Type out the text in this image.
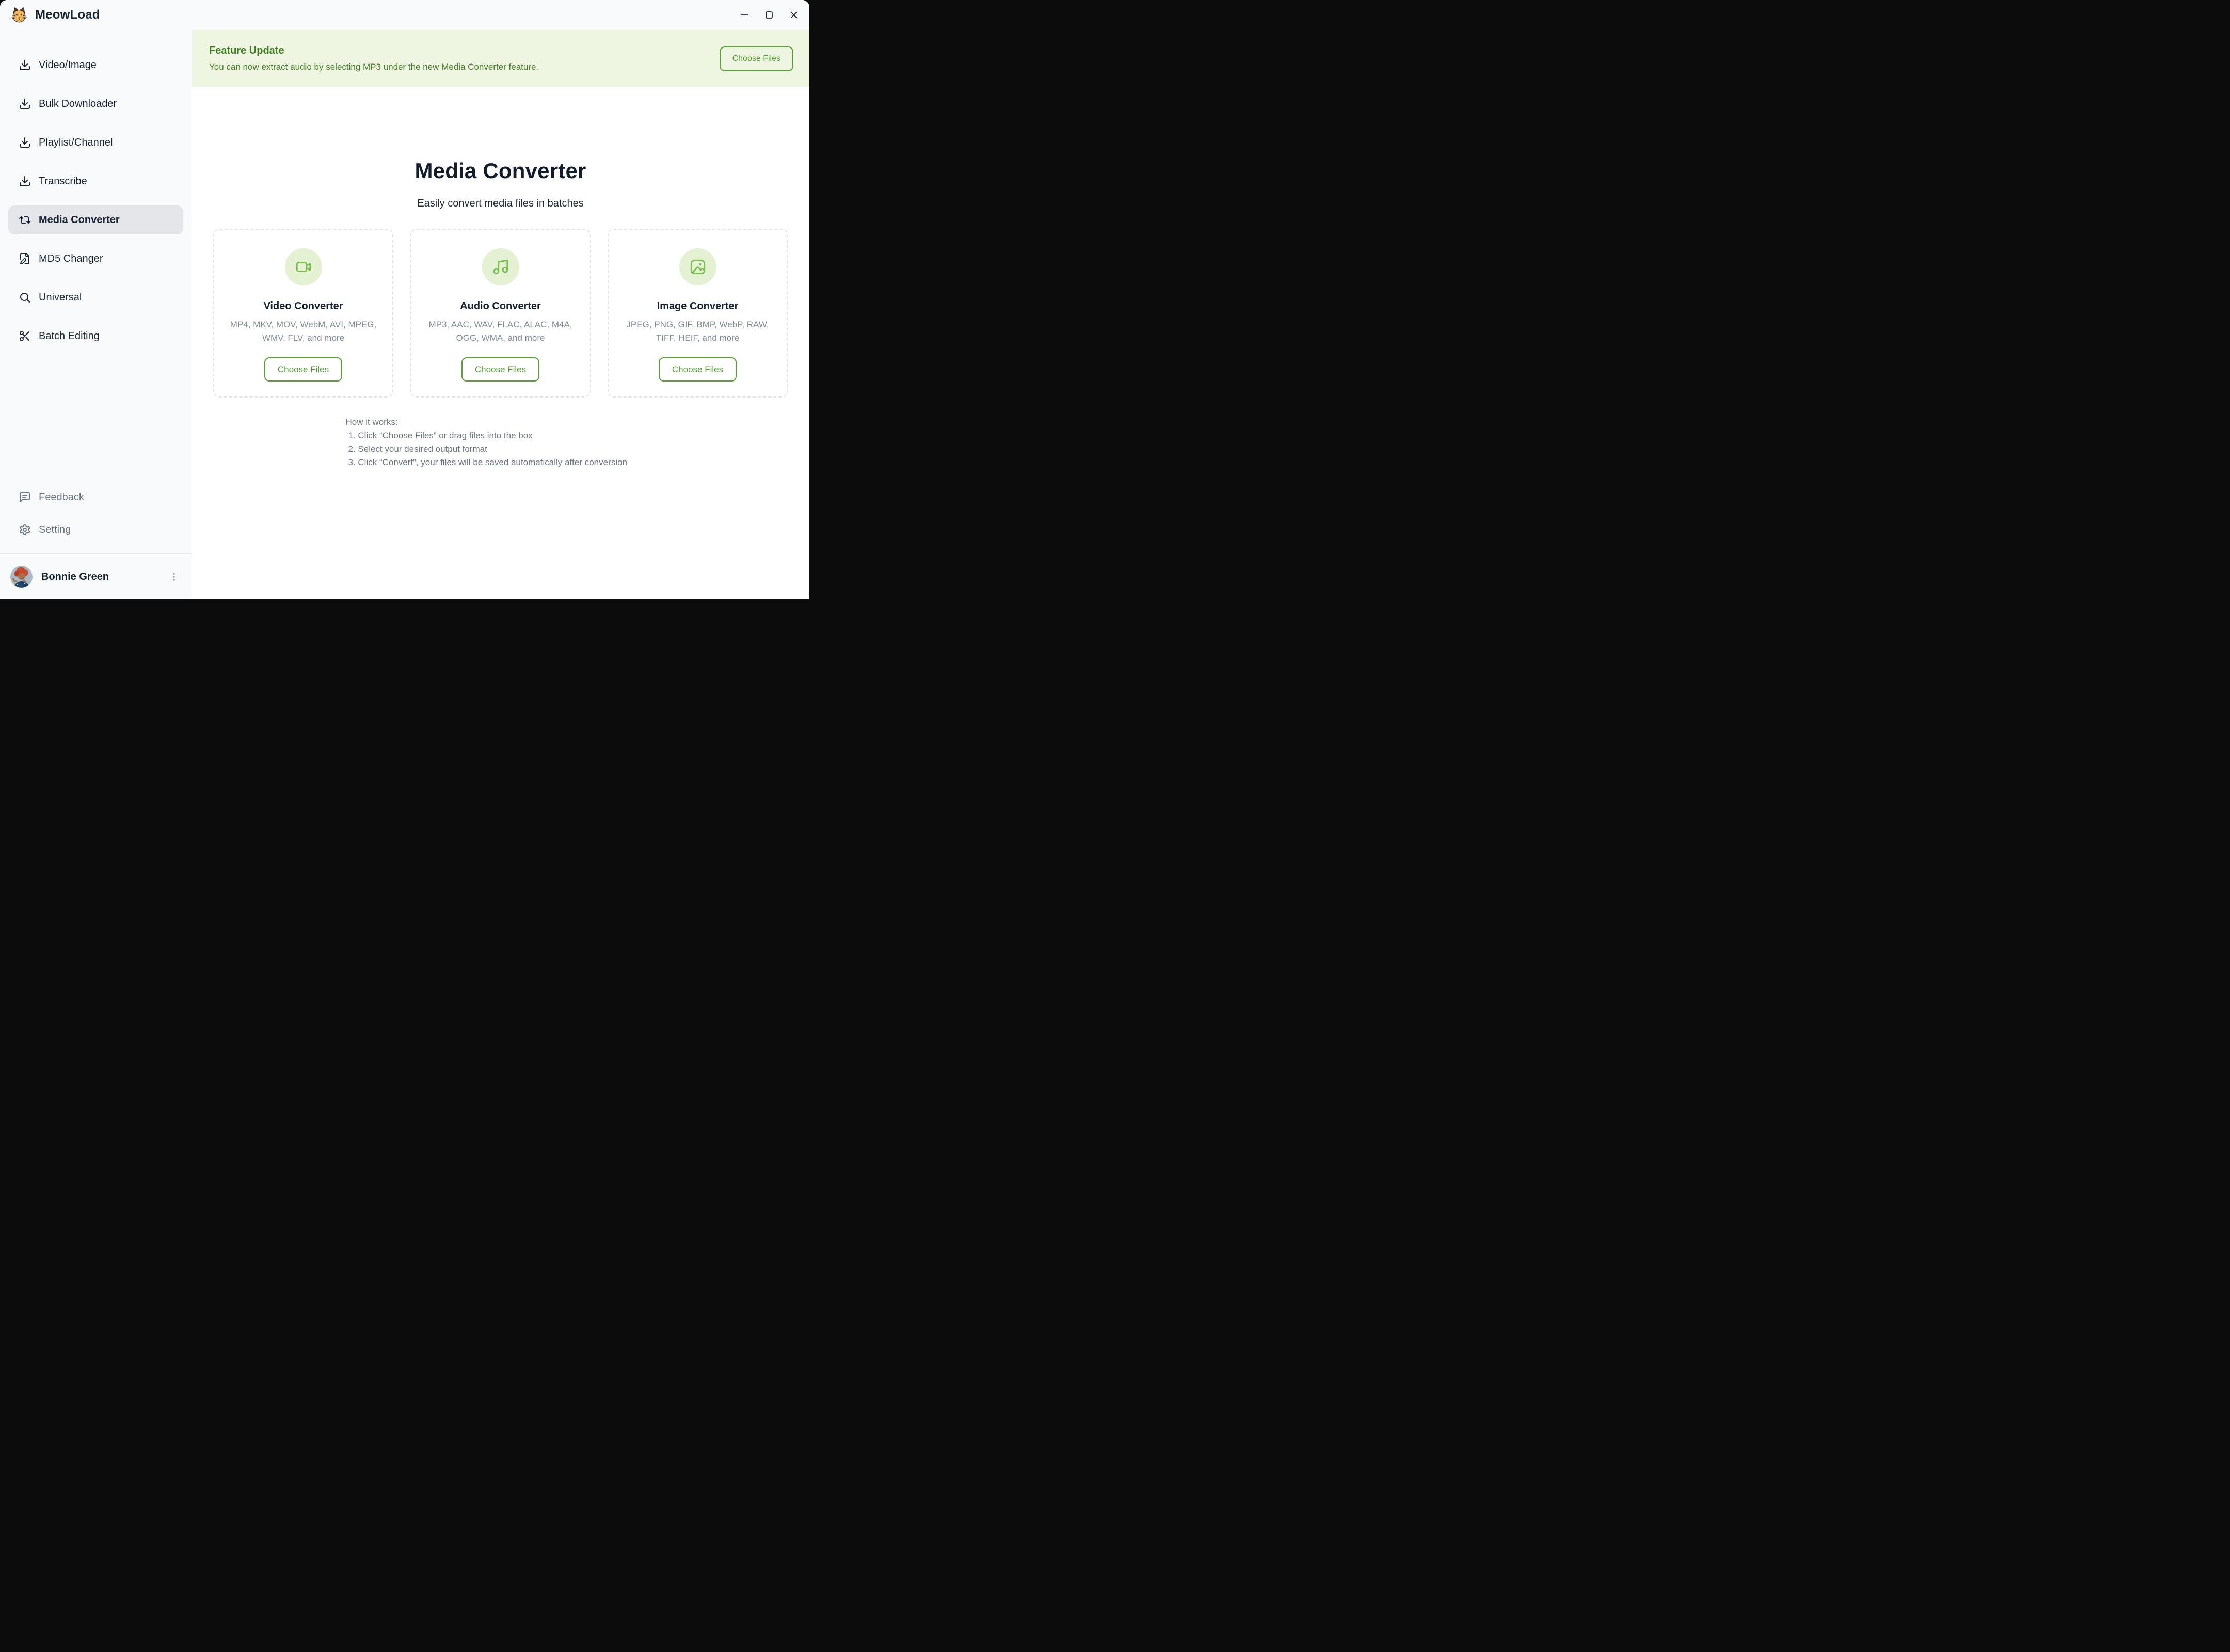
MeowLoad
Video/Image
Bulk Downloader
Playlist/Channel
Transcribe
Media Converter
MD5 Changer
Universal
Batch Editing
Feedback
Setting
Bonnie Green
Feature Update
You can now extract audio by selecting MP3 under the new Media Converter feature.
Choose Files
Media Converter
Easily convert media files in batches
Video Converter
MP4, MKV, MOV, WebM, AVI, MPEG, WMV, FLV, and more
Choose Files
Audio Converter
MP3, AAC, WAV, FLAC, ALAC, M4A, OGG, WMA, and more
Choose Files
Image Converter
JPEG, PNG, GIF, BMP, WebP, RAW, TIFF, HEIF, and more
Choose Files
How it works:
1. Click “Choose Files” or drag files into the box
2. Select your desired output format
3. Click “Convert”, your files will be saved automatically after conversion
